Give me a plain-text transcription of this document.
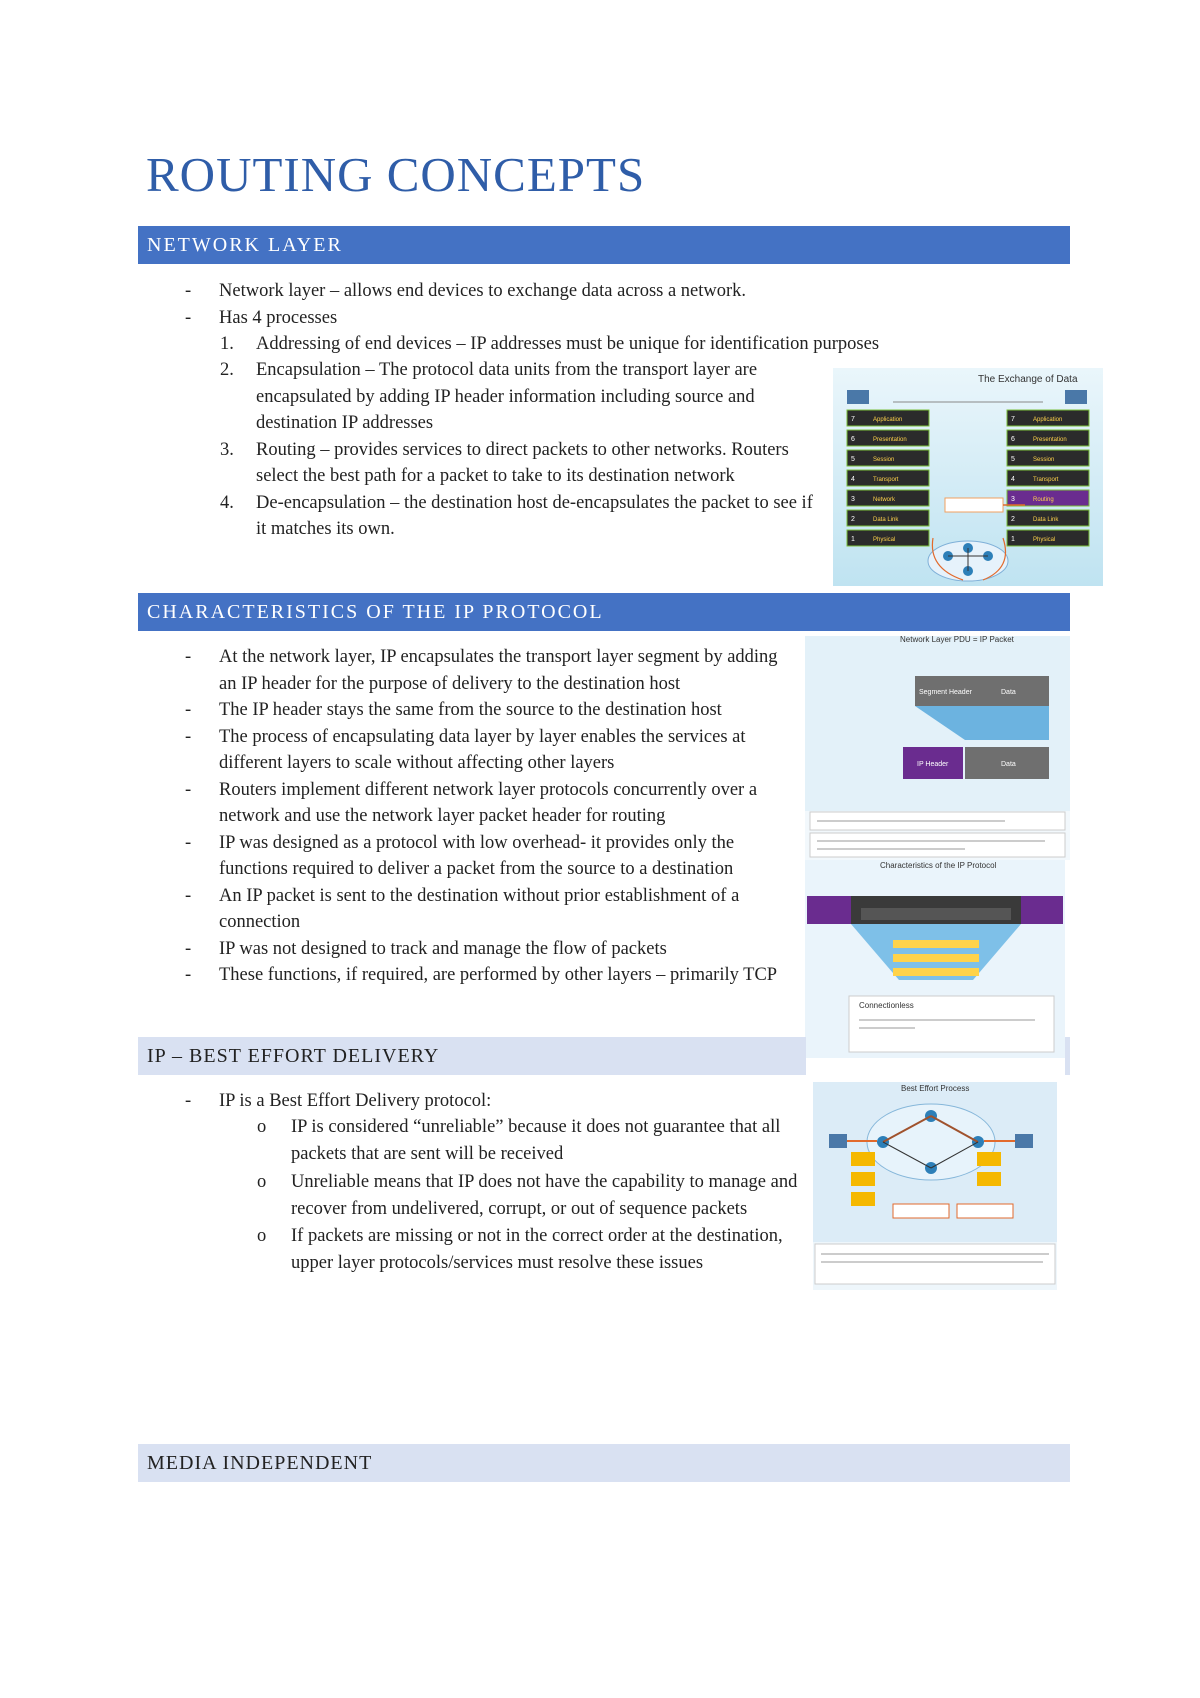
ROUTING CONCEPTS
NETWORK LAYER
- Network layer – allows end devices to exchange data across a network.
- Has 4 processes
1. Addressing of end devices – IP addresses must be unique for identification purposes
2. Encapsulation – The protocol data units from the transport layer are encapsulated by adding IP header information including source and destination IP addresses
3. Routing – provides services to direct packets to other networks. Routers select the best path for a packet to take to its destination network
4. De-encapsulation – the destination host de-encapsulates the packet to see if it matches its own.
The Exchange of Data
7	Application
6	Presentation
5	Session
4	Transport
3	Network
2	Data Link
1	Physical
7	Application
6	Presentation
5	Session
4	Transport
3	Routing
2	Data Link
1	Physical
CHARACTERISTICS OF THE IP PROTOCOL
- At the network layer, IP encapsulates the transport layer segment by adding an IP header for the purpose of delivery to the destination host
- The IP header stays the same from the source to the destination host
- The process of encapsulating data layer by layer enables the services at different layers to scale without affecting other layers
- Routers implement different network layer protocols concurrently over a network and use the network layer packet header for routing
- IP was designed as a protocol with low overhead- it provides only the functions required to deliver a packet from the source to a destination
- An IP packet is sent to the destination without prior establishment of a connection
- IP was not designed to track and manage the flow of packets
- These functions, if required, are performed by other layers – primarily TCP
Network Layer PDU = IP Packet
Segment Header	Data
IP Header	Data
Characteristics of the IP Protocol
Connectionless
IP – BEST EFFORT DELIVERY
- IP is a Best Effort Delivery protocol:
o IP is considered “unreliable” because it does not guarantee that all packets that are sent will be received
o Unreliable means that IP does not have the capability to manage and recover from undelivered, corrupt, or out of sequence packets
o If packets are missing or not in the correct order at the destination, upper layer protocols/services must resolve these issues
Best Effort Process
MEDIA INDEPENDENT
